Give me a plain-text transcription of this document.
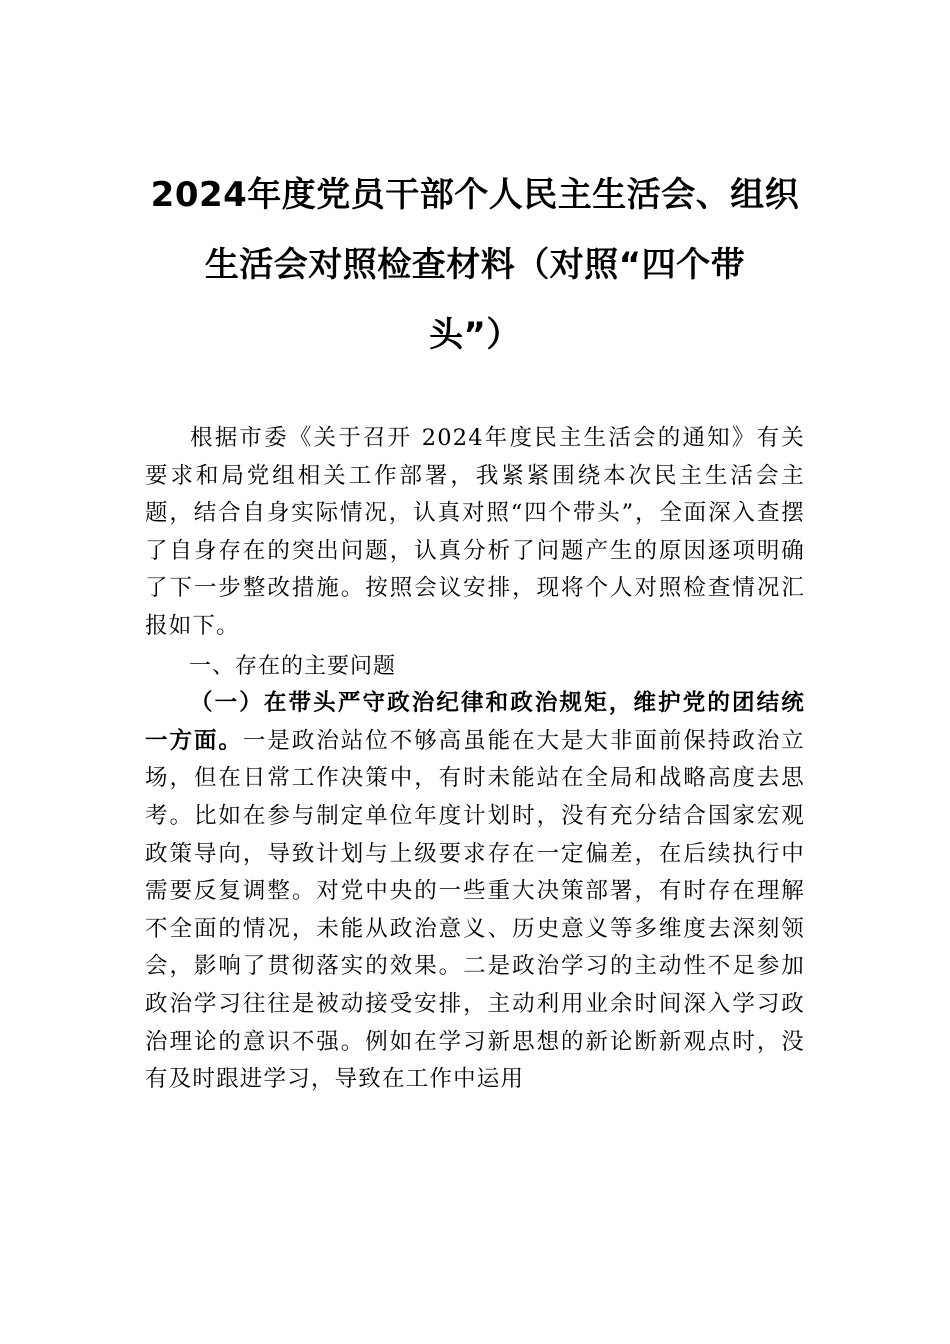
2024年度党员干部个人民主生活会、组织
生活会对照检查材料（对照“四个带
头”）

根据市委《关于召开 2024年度民主生活会的通知》有关要求和局党组相关工作部署，我紧紧围绕本次民主生活会主题，结合自身实际情况，认真对照“四个带头”，全面深入查摆了自身存在的突出问题，认真分析了问题产生的原因逐项明确了下一步整改措施。按照会议安排，现将个人对照检查情况汇报如下。

一、存在的主要问题

（一）在带头严守政治纪律和政治规矩，维护党的团结统一方面。一是政治站位不够高虽能在大是大非面前保持政治立场，但在日常工作决策中，有时未能站在全局和战略高度去思考。比如在参与制定单位年度计划时，没有充分结合国家宏观政策导向，导致计划与上级要求存在一定偏差，在后续执行中需要反复调整。对党中央的一些重大决策部署，有时存在理解不全面的情况，未能从政治意义、历史意义等多维度去深刻领会，影响了贯彻落实的效果。二是政治学习的主动性不足参加政治学习往往是被动接受安排，主动利用业余时间深入学习政治理论的意识不强。例如在学习新思想的新论断新观点时，没有及时跟进学习，导致在工作中运用
